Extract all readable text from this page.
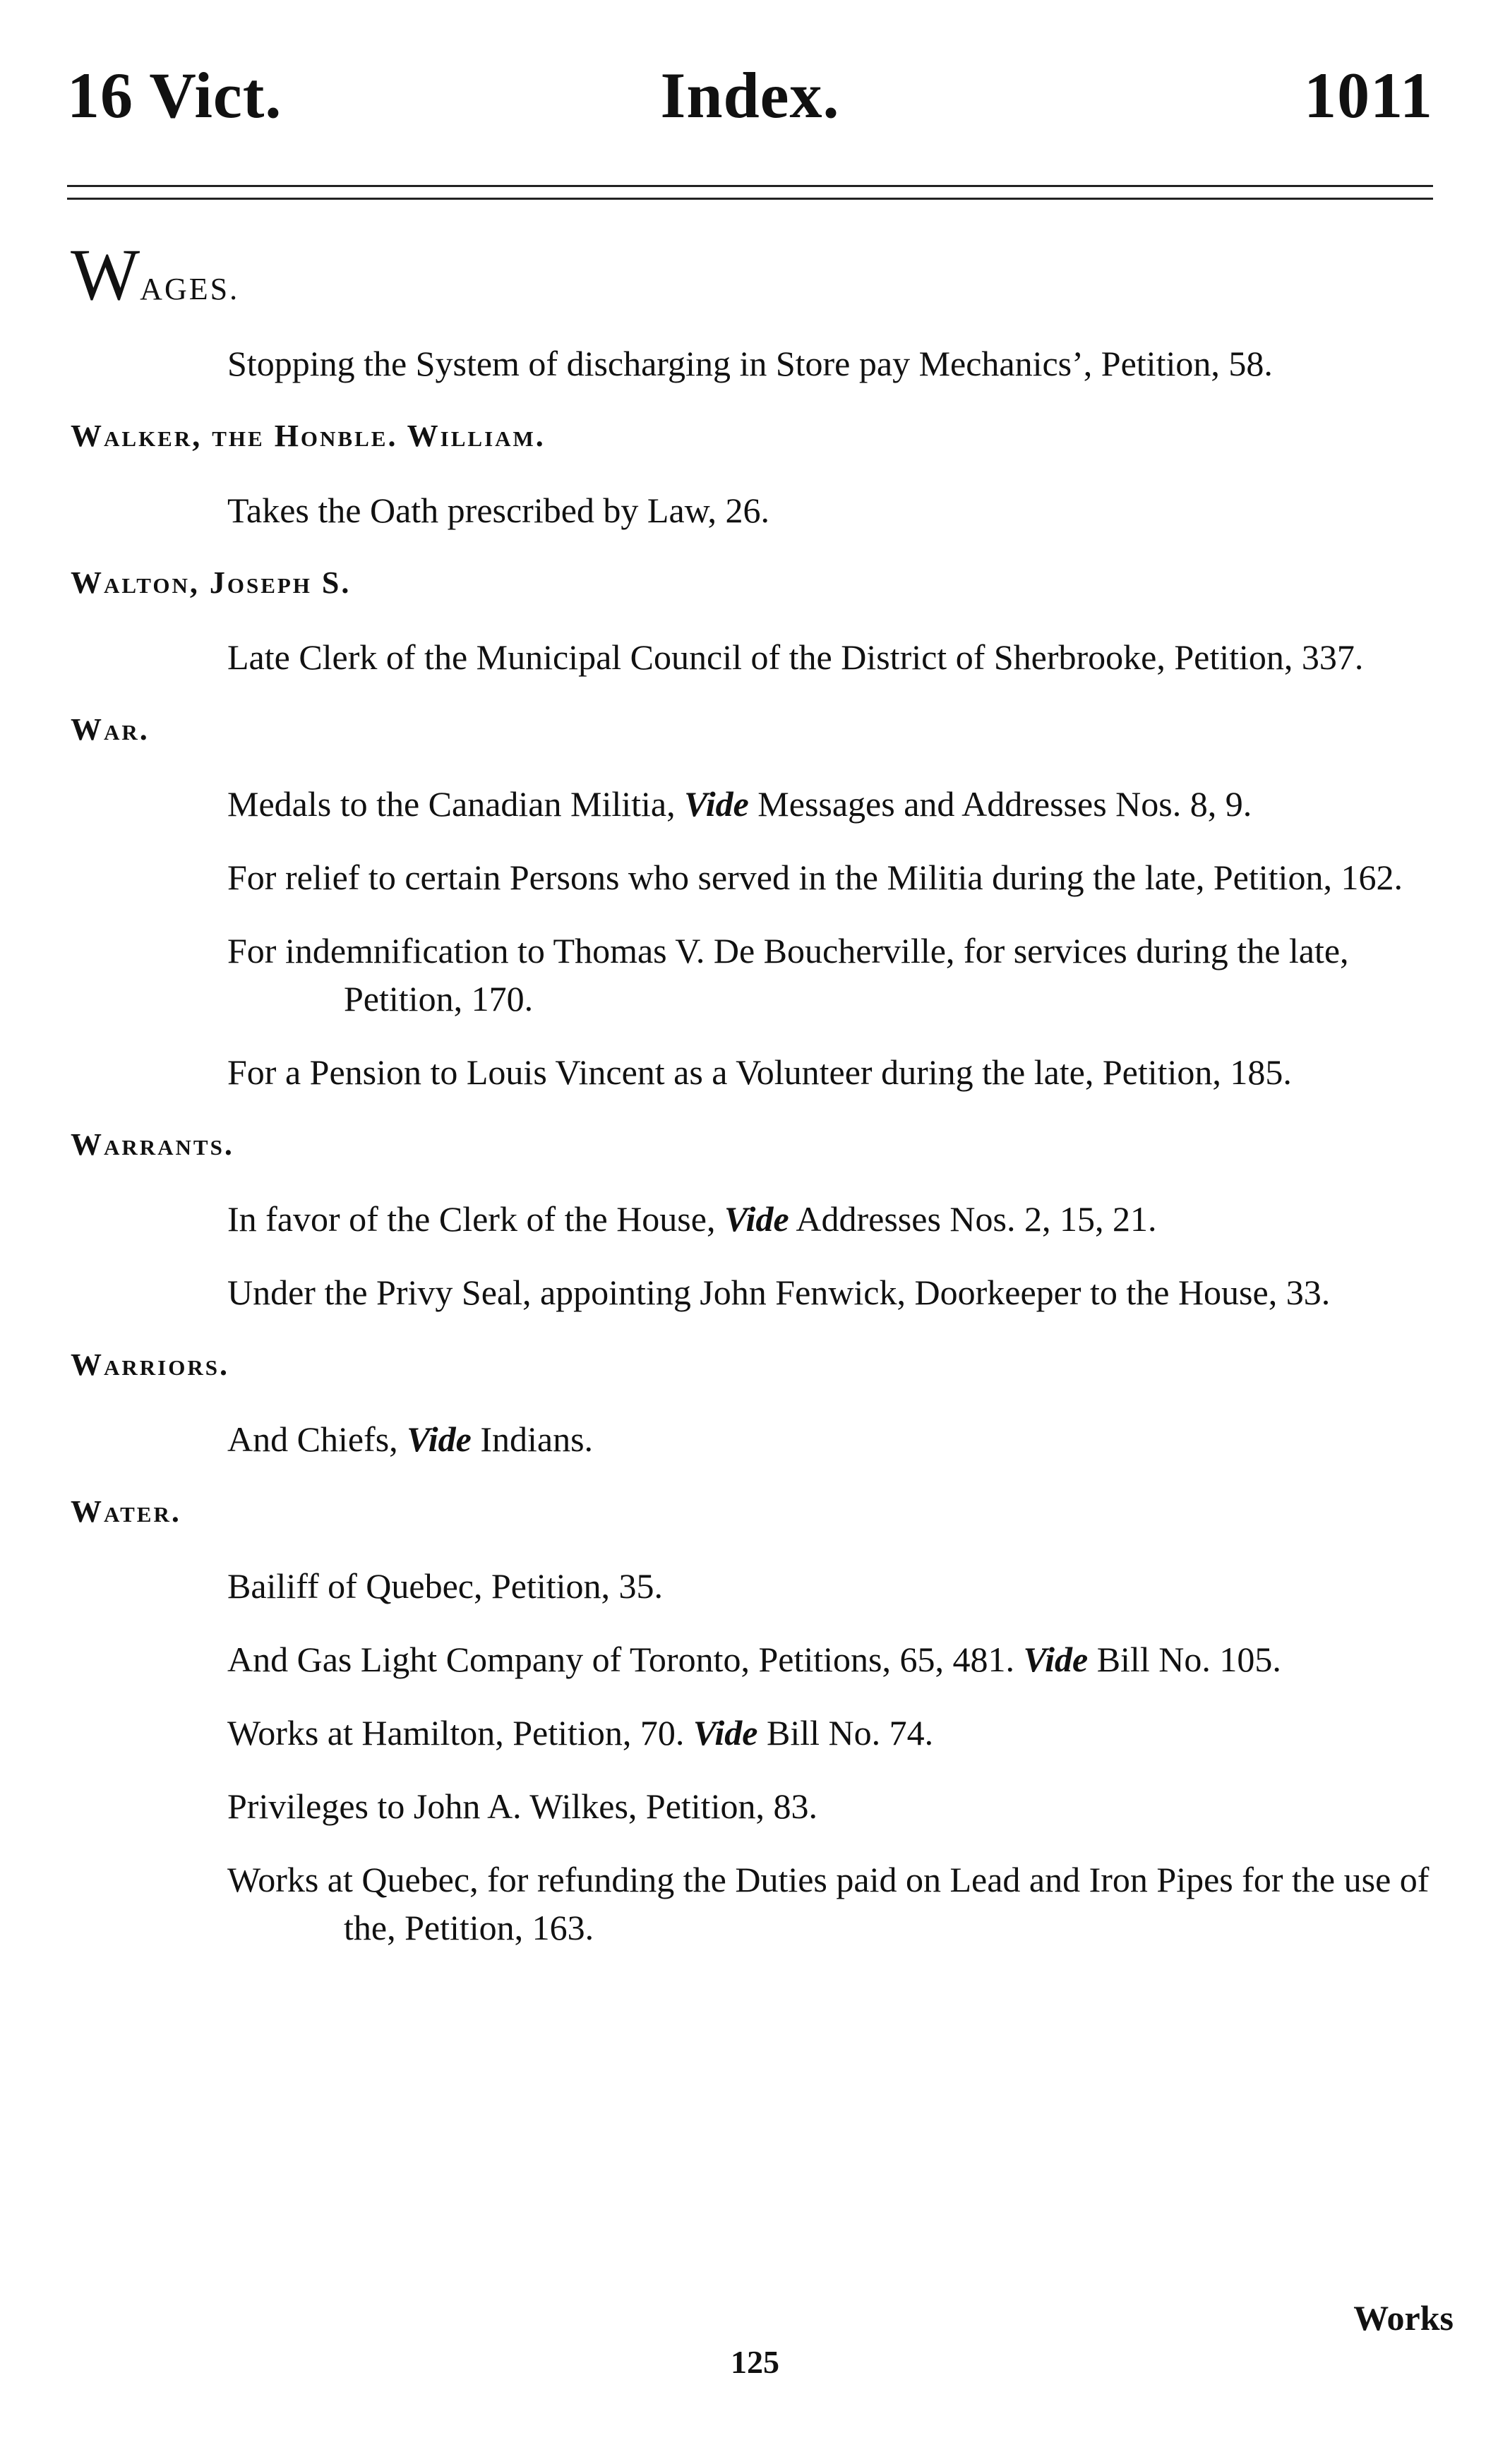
16 Vict.	Index.	1011
WAGES.
Stopping the System of discharging in Store pay Mechanics’, Petition, 58.
Walker, the Honble. William.
Takes the Oath prescribed by Law, 26.
Walton, Joseph S.
Late Clerk of the Municipal Council of the District of Sherbrooke, Petition, 337.
War.
Medals to the Canadian Militia, Vide Messages and Addresses Nos. 8, 9.
For relief to certain Persons who served in the Militia during the late, Petition, 162.
For indemnification to Thomas V. De Boucherville, for services during the late, Petition, 170.
For a Pension to Louis Vincent as a Volunteer during the late, Petition, 185.
Warrants.
In favor of the Clerk of the House, Vide Addresses Nos. 2, 15, 21.
Under the Privy Seal, appointing John Fenwick, Doorkeeper to the House, 33.
Warriors.
And Chiefs, Vide Indians.
Water.
Bailiff of Quebec, Petition, 35.
And Gas Light Company of Toronto, Petitions, 65, 481. Vide Bill No. 105.
Works at Hamilton, Petition, 70. Vide Bill No. 74.
Privileges to John A. Wilkes, Petition, 83.
Works at Quebec, for refunding the Duties paid on Lead and Iron Pipes for the use of the, Petition, 163.
Works
125
